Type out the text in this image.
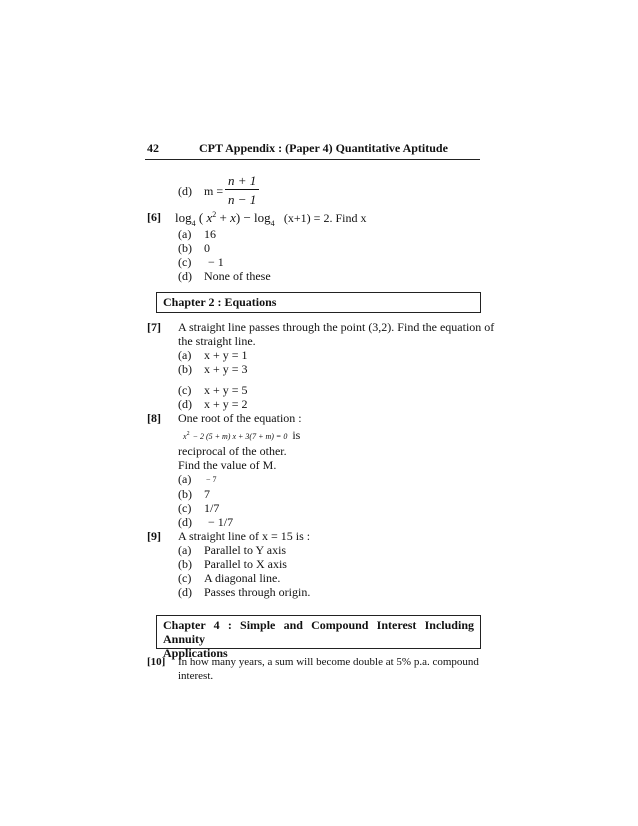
42	CPT Appendix : (Paper 4) Quantitative Aptitude
(d) m =
n + 1
n − 1
[6] $\log_4$ ( $x^2 + x) - \log_4 (x+1) = 2$. Find x
(a) 16
(b) 0
(c) − 1
(d) None of these
Chapter 2 : Equations
[7] A straight line passes through the point (3,2). Find the equation of
the straight line.
(a) x + y = 1
(b) x + y = 3
(c) x + y = 5
(d) x + y = 2
[8] One root of the equation :
$x^2 - 2$ (5 + m) x + 3(7 + m) = 0 is
reciprocal of the other.
Find the value of M.
(a) − 7
(b) 7
(c) 1/7
(d) − 1/7
[9] A straight line of x = 15 is :
(a) Parallel to Y axis
(b) Parallel to X axis
(c) A diagonal line.
(d) Passes through origin.
Chapter 4 : Simple and Compound Interest Including Annuity
Applications
[10] In how many years, a sum will become double at 5% p.a. compound
interest.
